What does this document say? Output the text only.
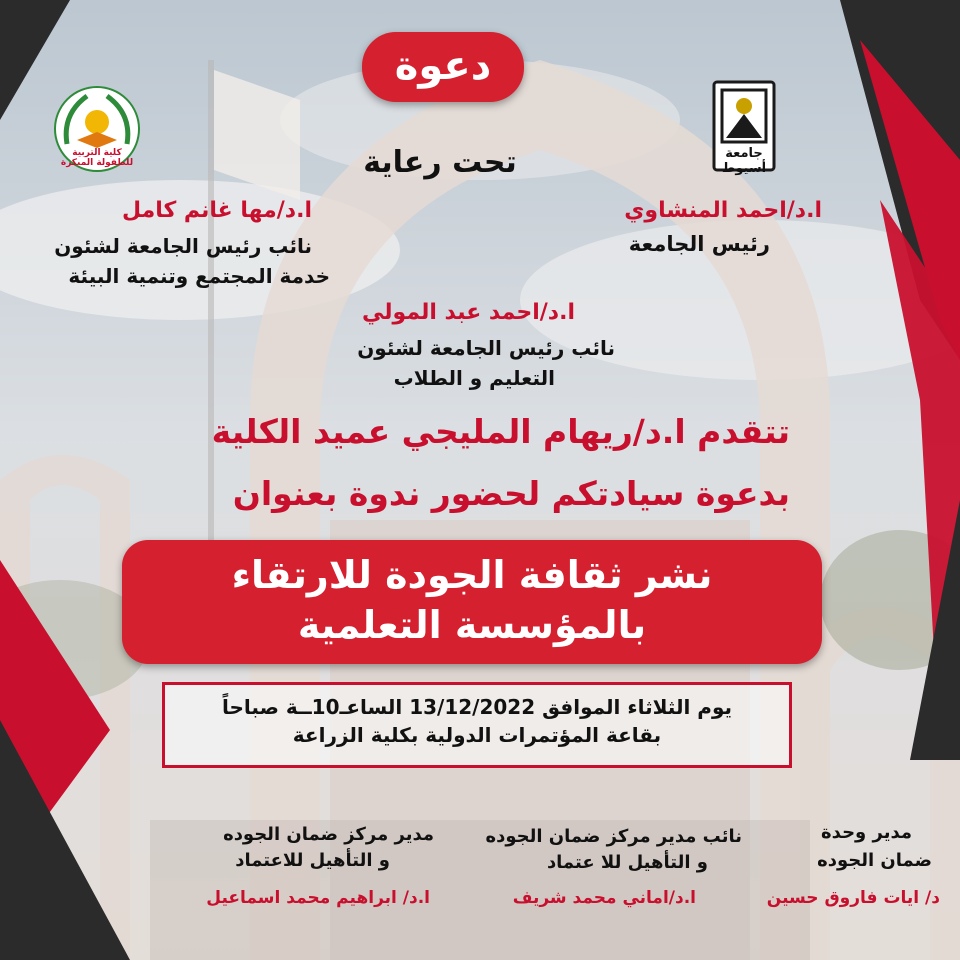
كلية التربية للطفولة المبكرة
جامعة أسيوط
دعوة
تحت رعاية
ا.د/احمد المنشاوي
رئيس الجامعة
ا.د/مها غانم كامل
نائب رئيس الجامعة لشئون
خدمة المجتمع وتنمية البيئة
ا.د/احمد عبد المولي
نائب رئيس الجامعة لشئون
التعليم و الطلاب
تتقدم ا.د/ريهام المليجي عميد الكلية
بدعوة سيادتكم لحضور ندوة بعنوان
نشر ثقافة الجودة للارتقاء
بالمؤسسة التعلمية
يوم الثلاثاء الموافق 13/12/2022 الساعـ10ــة صباحاً
بقاعة المؤتمرات الدولية بكلية الزراعة
مدير وحدة
ضمان الجوده
د/ ايات فاروق حسين
نائب مدير مركز ضمان الجوده
و التأهيل للا عتماد
ا.د/اماني محمد شريف
مدير مركز ضمان الجوده
و التأهيل للاعتماد
ا.د/ ابراهيم محمد اسماعيل
